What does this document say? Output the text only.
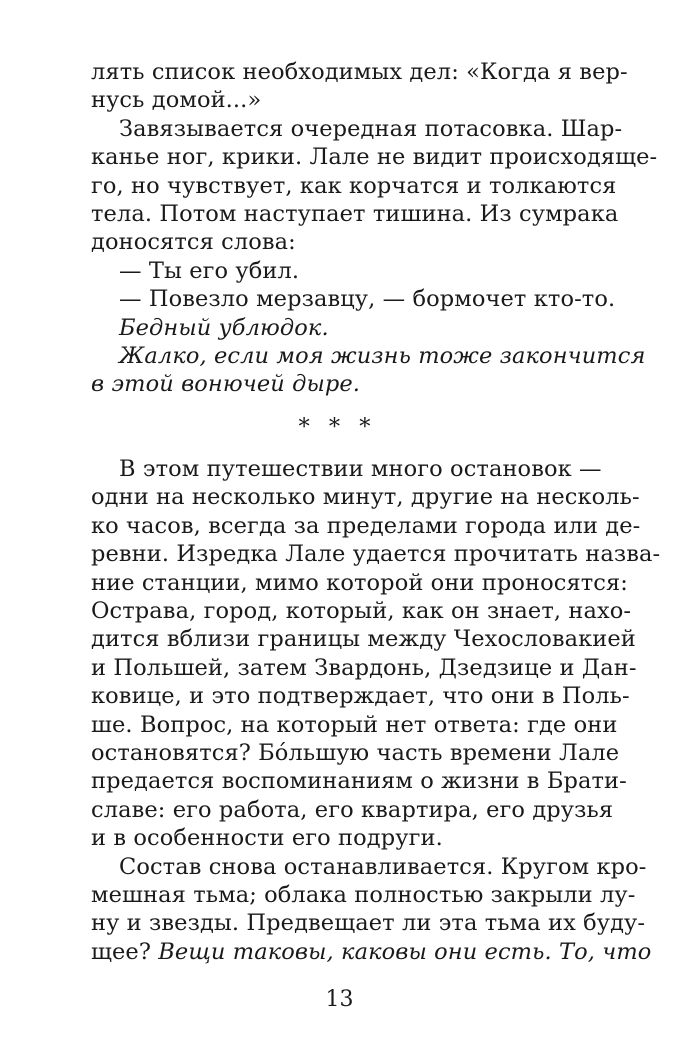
лять список необходимых дел: «Когда я вер-
нусь домой...»
Завязывается очередная потасовка. Шар-
канье ног, крики. Лале не видит происходяще-
го, но чувствует, как корчатся и толкаются
тела. Потом наступает тишина. Из сумрака
доносятся слова:
— Ты его убил.
— Повезло мерзавцу, — бормочет кто-то.
Бедный ублюдок.
Жалко, если моя жизнь тоже закончится
в этой вонючей дыре.
* * *
В этом путешествии много остановок —
одни на несколько минут, другие на несколь-
ко часов, всегда за пределами города или де-
ревни. Изредка Лале удается прочитать назва-
ние станции, мимо которой они проносятся:
Острава, город, который, как он знает, нахо-
дится вблизи границы между Чехословакией
и Польшей, затем Звардонь, Дзедзице и Дан-
ковице, и это подтверждает, что они в Поль-
ше. Вопрос, на который нет ответа: где они
остановятся? Бóльшую часть времени Лале
предается воспоминаниям о жизни в Брати-
славе: его работа, его квартира, его друзья
и в особенности его подруги.
Состав снова останавливается. Кругом кро-
мешная тьма; облака полностью закрыли лу-
ну и звезды. Предвещает ли эта тьма их буду-
щее? Вещи таковы, каковы они есть. То, что
13
